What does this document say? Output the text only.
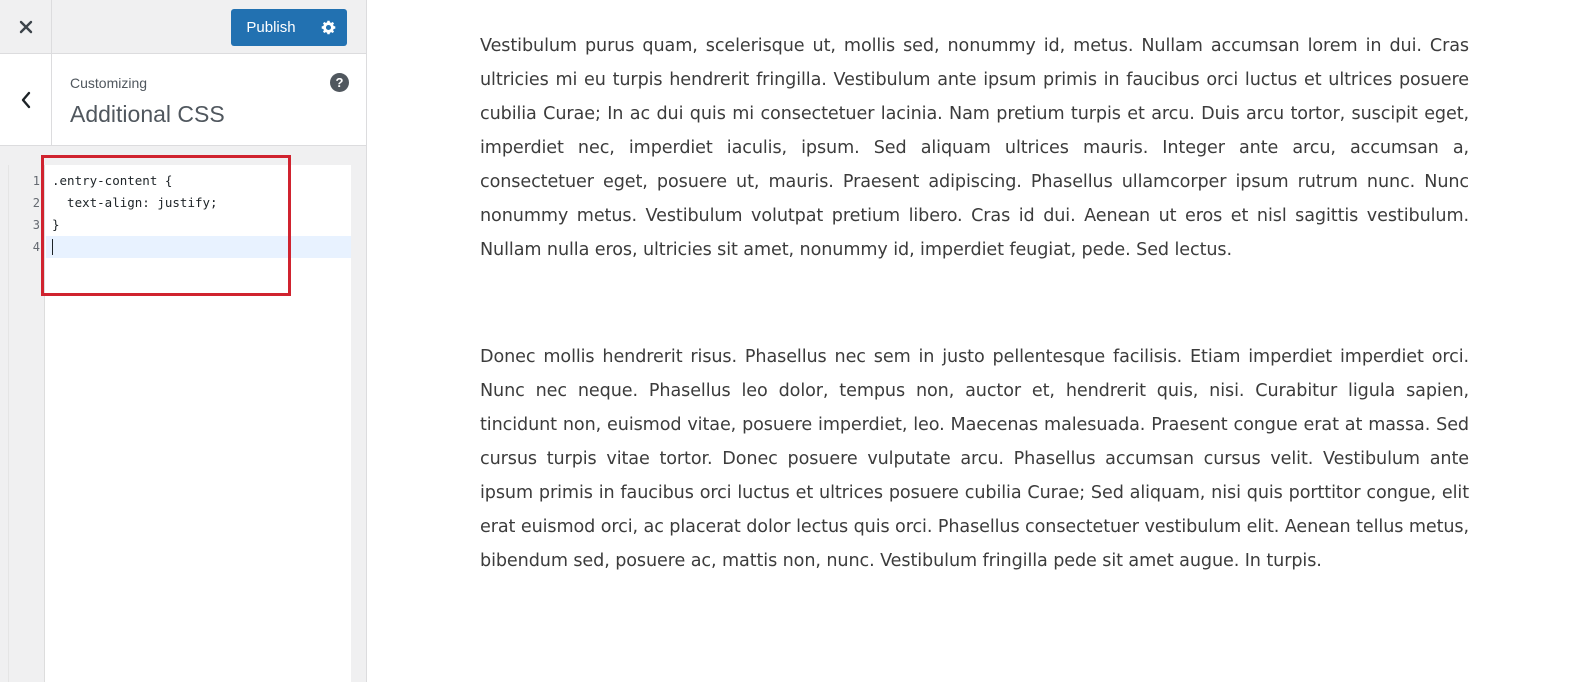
Publish
Customizing
Additional CSS
?
1
2
3
4
.entry-content {
text-align: justify;
}

Vestibulum purus quam, scelerisque ut, mollis sed, nonummy id, metus. Nullam accumsan lorem in dui. Cras ultricies mi eu turpis hendrerit fringilla. Vestibulum ante ipsum primis in faucibus orci luctus et ultrices posuere cubilia Curae; In ac dui quis mi consectetuer lacinia. Nam pretium turpis et arcu. Duis arcu tortor, suscipit eget, imperdiet nec, imperdiet iaculis, ipsum. Sed aliquam ultrices mauris. Integer ante arcu, accumsan a, consectetuer eget, posuere ut, mauris. Praesent adipiscing. Phasellus ullamcorper ipsum rutrum nunc. Nunc nonummy metus. Vestibulum volutpat pretium libero. Cras id dui. Aenean ut eros et nisl sagittis vestibulum. Nullam nulla eros, ultricies sit amet, nonummy id, imperdiet feugiat, pede. Sed lectus.

Donec mollis hendrerit risus. Phasellus nec sem in justo pellentesque facilisis. Etiam imperdiet imperdiet orci. Nunc nec neque. Phasellus leo dolor, tempus non, auctor et, hendrerit quis, nisi. Curabitur ligula sapien, tincidunt non, euismod vitae, posuere imperdiet, leo. Maecenas malesuada. Praesent congue erat at massa. Sed cursus turpis vitae tortor. Donec posuere vulputate arcu. Phasellus accumsan cursus velit. Vestibulum ante ipsum primis in faucibus orci luctus et ultrices posuere cubilia Curae; Sed aliquam, nisi quis porttitor congue, elit erat euismod orci, ac placerat dolor lectus quis orci. Phasellus consectetuer vestibulum elit. Aenean tellus metus, bibendum sed, posuere ac, mattis non, nunc. Vestibulum fringilla pede sit amet augue. In turpis.
